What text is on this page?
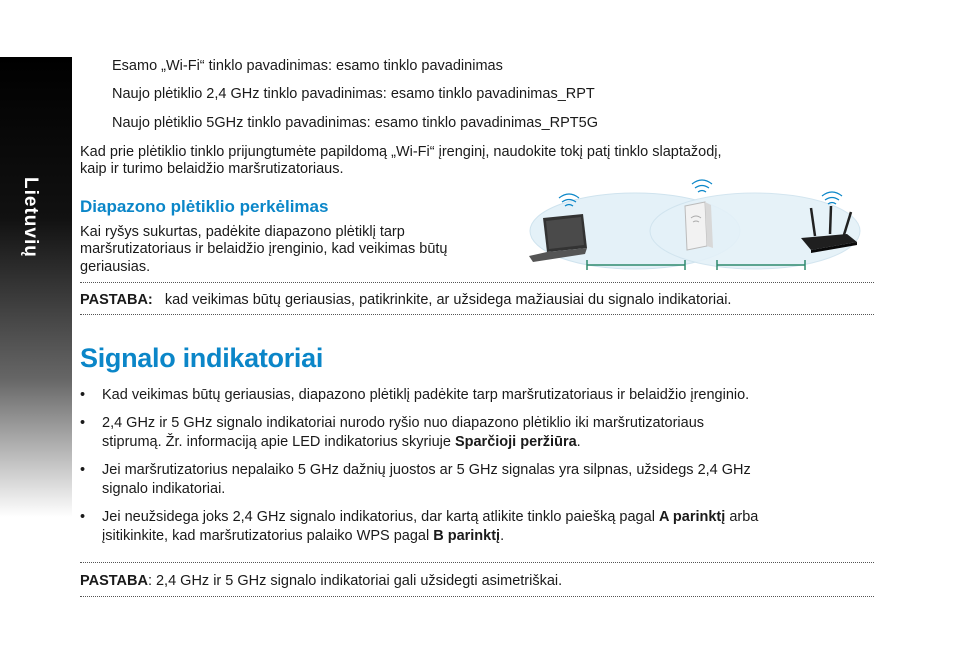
Lietuvių
Esamo „Wi-Fi“ tinklo pavadinimas: esamo tinklo pavadinimas
Naujo plėtiklio 2,4 GHz tinklo pavadinimas: esamo tinklo pavadinimas_RPT
Naujo plėtiklio 5GHz tinklo pavadinimas: esamo tinklo pavadinimas_RPT5G
Kad prie plėtiklio tinklo prijungtumėte papildomą „Wi-Fi“ įrenginį, naudokite tokį patį tinklo slaptažodį,
kaip ir turimo belaidžio maršrutizatoriaus.
Diapazono plėtiklio perkėlimas
Kai ryšys sukurtas, padėkite diapazono plėtiklį tarp
maršrutizatoriaus ir belaidžio įrenginio, kad veikimas būtų
geriausias.
PASTABA: kad veikimas būtų geriausias, patikrinkite, ar užsidega mažiausiai du signalo indikatoriai.
Signalo indikatoriai
• Kad veikimas būtų geriausias, diapazono plėtiklį padėkite tarp maršrutizatoriaus ir belaidžio įrenginio.
• 2,4 GHz ir 5 GHz signalo indikatoriai nurodo ryšio nuo diapazono plėtiklio iki maršrutizatoriaus
stiprumą. Žr. informaciją apie LED indikatorius skyriuje Sparčioji peržiūra.
• Jei maršrutizatorius nepalaiko 5 GHz dažnių juostos ar 5 GHz signalas yra silpnas, užsidegs 2,4 GHz
signalo indikatoriai.
• Jei neužsidega joks 2,4 GHz signalo indikatorius, dar kartą atlikite tinklo paiešką pagal A parinktį arba
įsitikinkite, kad maršrutizatorius palaiko WPS pagal B parinktį.
PASTABA: 2,4 GHz ir 5 GHz signalo indikatoriai gali užsidegti asimetriškai.
